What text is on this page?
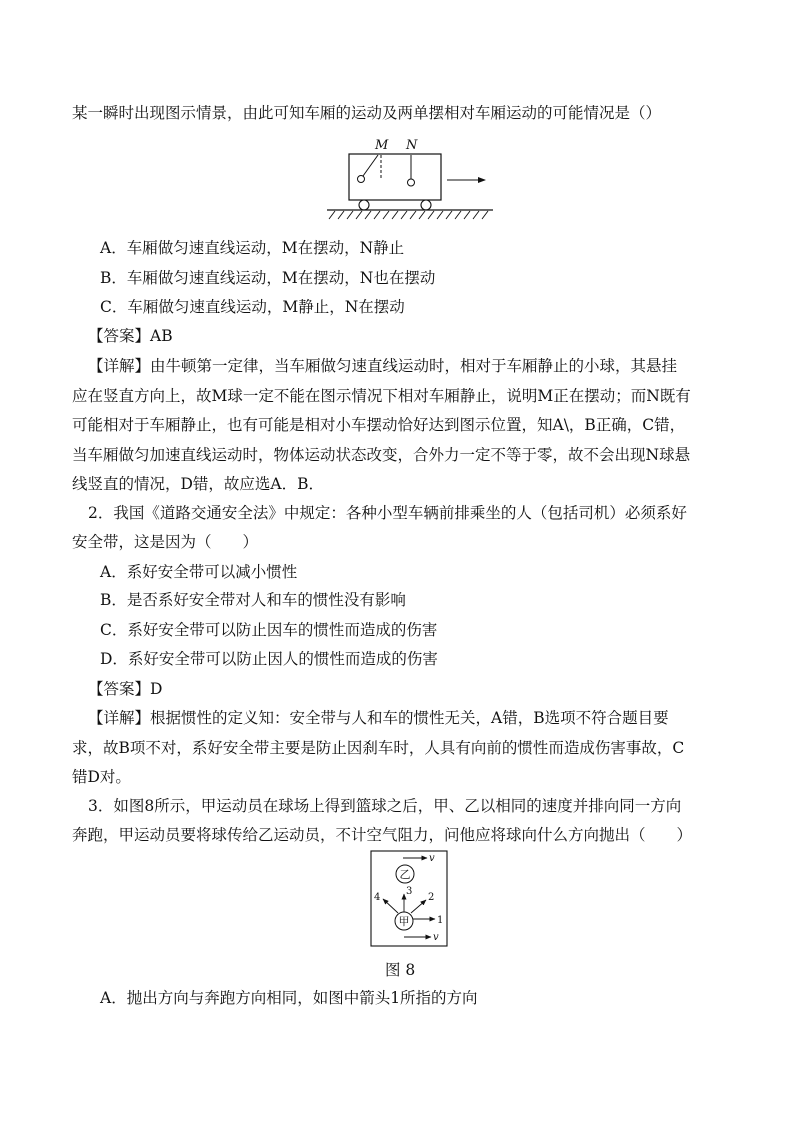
某一瞬时出现图示情景，由此可知车厢的运动及两单摆相对车厢运动的可能情况是（）
M N
A．车厢做匀速直线运动，M在摆动，N静止
B．车厢做匀速直线运动，M在摆动，N也在摆动
C．车厢做匀速直线运动，M静止，N在摆动
【答案】AB
【详解】由牛顿第一定律，当车厢做匀速直线运动时，相对于车厢静止的小球，其悬挂
应在竖直方向上，故M球一定不能在图示情况下相对车厢静止，说明M正在摆动；而N既有
可能相对于车厢静止，也有可能是相对小车摆动恰好达到图示位置，知A\，B正确，C错，
当车厢做匀加速直线运动时，物体运动状态改变，合外力一定不等于零，故不会出现N球悬
线竖直的情况，D错，故应选A．B．
2．我国《道路交通安全法》中规定：各种小型车辆前排乘坐的人（包括司机）必须系好
安全带，这是因为（　　）
A．系好安全带可以减小惯性
B．是否系好安全带对人和车的惯性没有影响
C．系好安全带可以防止因车的惯性而造成的伤害
D．系好安全带可以防止因人的惯性而造成的伤害
【答案】D
【详解】根据惯性的定义知：安全带与人和车的惯性无关，A错，B选项不符合题目要
求，故B项不对，系好安全带主要是防止因刹车时，人具有向前的惯性而造成伤害事故，C
错D对。
3．如图8所示，甲运动员在球场上得到篮球之后，甲、乙以相同的速度并排向同一方向
奔跑，甲运动员要将球传给乙运动员，不计空气阻力，问他应将球向什么方向抛出（　　）
v
乙
甲	1
2
3
4
v
图 8
A．抛出方向与奔跑方向相同，如图中箭头1所指的方向
